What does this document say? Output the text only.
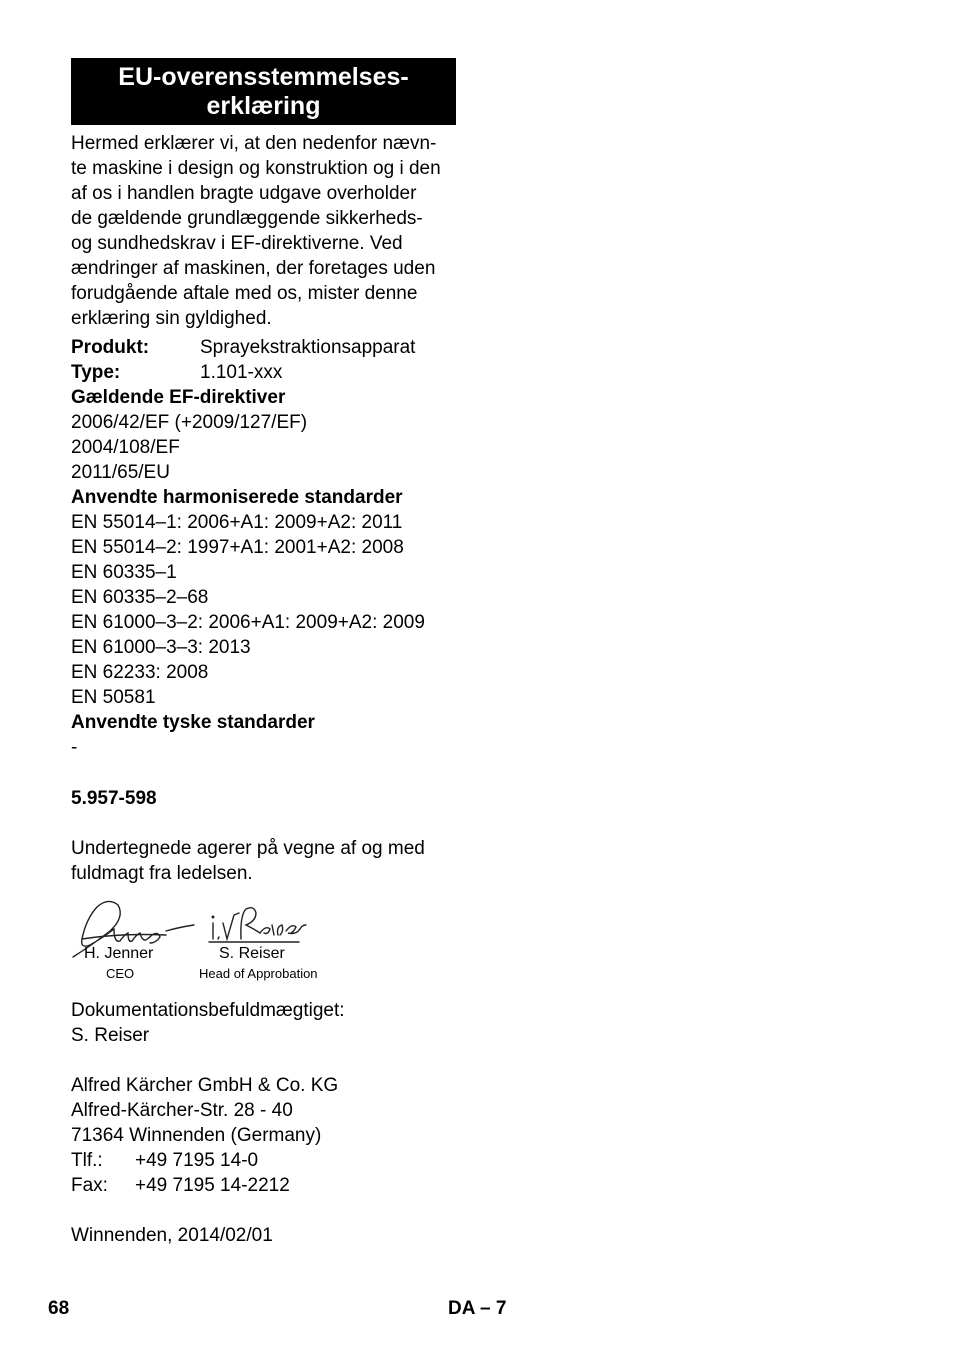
EU-overensstemmelses-
erklæring
Hermed erklærer vi, at den nedenfor nævn-
te maskine i design og konstruktion og i den
af os i handlen bragte udgave overholder
de gældende grundlæggende sikkerheds-
og sundhedskrav i EF-direktiverne. Ved
ændringer af maskinen, der foretages uden
forudgående aftale med os, mister denne
erklæring sin gyldighed.
Produkt:	Sprayekstraktionsapparat
Type:	1.101-xxx
Gældende EF-direktiver
2006/42/EF (+2009/127/EF)
2004/108/EF
2011/65/EU
Anvendte harmoniserede standarder
EN 55014–1: 2006+A1: 2009+A2: 2011
EN 55014–2: 1997+A1: 2001+A2: 2008
EN 60335–1
EN 60335–2–68
EN 61000–3–2: 2006+A1: 2009+A2: 2009
EN 61000–3–3: 2013
EN 62233: 2008
EN 50581
Anvendte tyske standarder
-
5.957-598
Undertegnede agerer på vegne af og med
fuldmagt fra ledelsen.
H. Jenner
CEO
S. Reiser
Head of Approbation
Dokumentationsbefuldmægtiget:
S. Reiser
Alfred Kärcher GmbH & Co. KG
Alfred-Kärcher-Str. 28 - 40
71364 Winnenden (Germany)
Tlf.: +49 7195 14-0
Fax: +49 7195 14-2212
Winnenden, 2014/02/01
68	DA – 7
